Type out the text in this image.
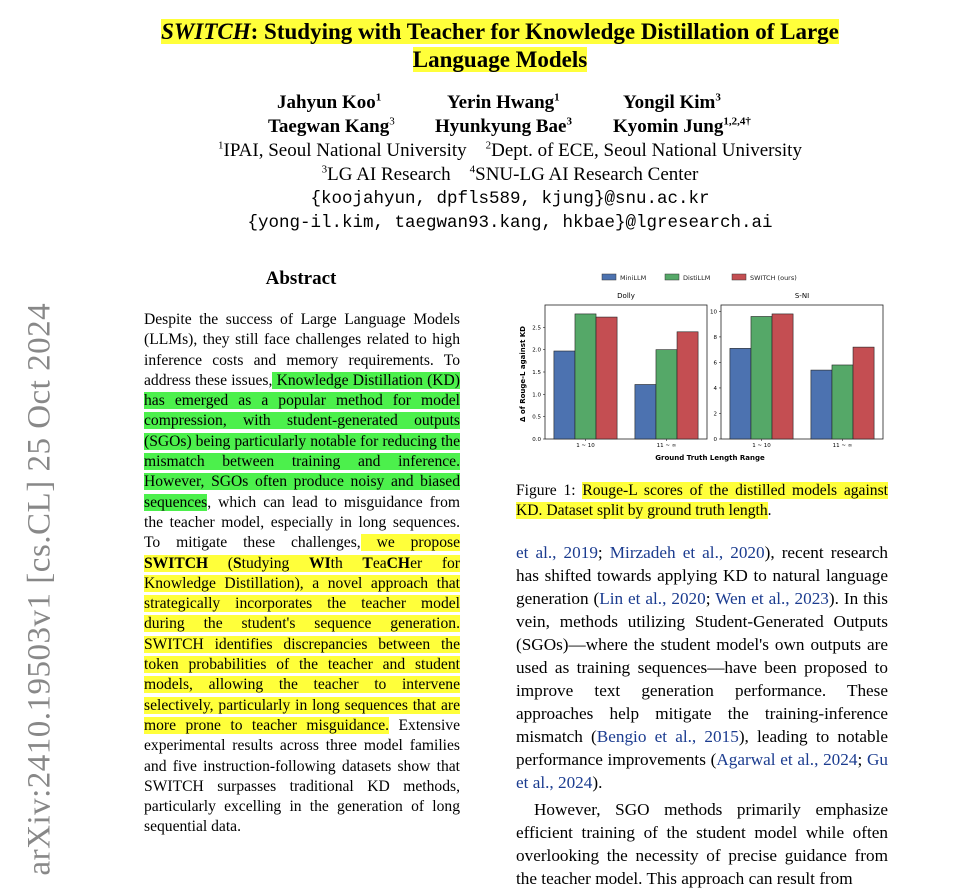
SWITCH: Studying with Teacher for Knowledge Distillation of Large
Language Models
Jahyun Koo$^1$	Yerin Hwang$^1$	Yongil Kim$^3$
Taegwan Kang$^3$ Hyunkyung Bae$^3$ Kyomin Jung$^{1,2,4\dagger}$
$^1$IPAI, Seoul National University $^2$Dept. of ECE, Seoul National University
$^3$LG AI Research $^4$SNU-LG AI Research Center
{koojahyun, dpfls589, kjung}@snu.ac.kr
{yong-il.kim, taegwan93.kang, hkbae}@lgresearch.ai
arXiv:2410.19503v1 [cs.CL] 25 Oct 2024
Abstract
Despite the success of Large Language Models (LLMs), they still face challenges related to high inference costs and memory requirements. To address these issues, Knowledge Distillation (KD) has emerged as a popular method for model compression, with student-generated outputs (SGOs) being particularly notable for reducing the mismatch between training and inference. However, SGOs often produce noisy and biased sequences, which can lead to misguidance from the teacher model, especially in long sequences. To mitigate these challenges, we propose SWITCH (Studying WIth TeaCHer for Knowledge Distillation), a novel approach that strategically incorporates the teacher model during the student's sequence generation. SWITCH identifies discrepancies between the token probabilities of the teacher and student models, allowing the teacher to intervene selectively, particularly in long sequences that are more prone to teacher misguidance. Extensive experimental results across three model families and five instruction-following datasets show that SWITCH surpasses traditional KD methods, particularly excelling in the generation of long sequential data.
MiniLLM	DistiLLM	SWITCH (ours)
Δ of Rouge-L against KD
Ground Truth Length Range
Dolly
0.0
0.5
1.0
1.5
2.0
2.5
1 ~ 10	11 ~ ∞
S-NI
0
2
4
6
8
10
1 ~ 10	11 ~ ∞
Figure 1: Rouge-L scores of the distilled models against KD. Dataset split by ground truth length.

et al., 2019; Mirzadeh et al., 2020), recent research has shifted towards applying KD to natural language generation (Lin et al., 2020; Wen et al., 2023). In this vein, methods utilizing Student-Generated Outputs (SGOs)—where the student model's own outputs are used as training sequences—have been proposed to improve text generation performance. These approaches help mitigate the training-inference mismatch (Bengio et al., 2015), leading to notable performance improvements (Agarwal et al., 2024; Gu et al., 2024).

However, SGO methods primarily emphasize efficient training of the student model while often overlooking the necessity of precise guidance from the teacher model. This approach can result from
